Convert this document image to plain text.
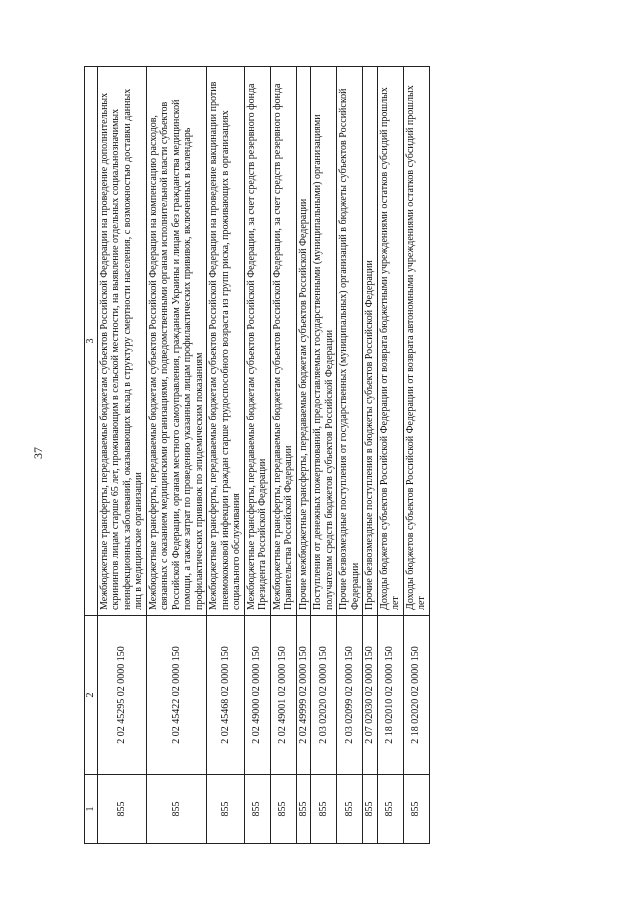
37
1	2	3
855	2 02 45295 02 0000 150	Межбюджетные трансферты, передаваемые бюджетам субъектов Российской Федерации на проведение дополнительных скринингов лицам старше 65 лет, проживающим в сельской местности, на выявление отдельных социальнозначимых неинфекционных заболеваний, оказывающих вклад в структуру смертности населения, с возможностью доставки данных лиц в медицинские организации
855	2 02 45422 02 0000 150	Межбюджетные трансферты, передаваемые бюджетам субъектов Российской Федерации на компенсацию расходов, связанных с оказанием медицинскими организациями, подведомственными органам исполнительной власти субъектов Российской Федерации, органам местного самоуправления, гражданам Украины и лицам без гражданства медицинской помощи, а также затрат по проведению указанным лицам профилактических прививок, включенных в календарь профилактических прививок по эпидемическим показаниям
855	2 02 45468 02 0000 150	Межбюджетные трансферты, передаваемые бюджетам субъектов Российской Федерации на проведение вакцинации против пневмококковой инфекции граждан старше трудоспособного возраста из групп риска, проживающих в организациях социального обслуживания
855	2 02 49000 02 0000 150	Межбюджетные трансферты, передаваемые бюджетам субъектов Российской Федерации, за счет средств резервного фонда Президента Российской Федерации
855	2 02 49001 02 0000 150	Межбюджетные трансферты, передаваемые бюджетам субъектов Российской Федерации, за счет средств резервного фонда Правительства Российской Федерации
855	2 02 49999 02 0000 150	Прочие межбюджетные трансферты, передаваемые бюджетам субъектов Российской Федерации
855	2 03 02020 02 0000 150	Поступления от денежных пожертвований, предоставляемых государственными (муниципальными) организациями получателям средств бюджетов субъектов Российской Федерации
855	2 03 02099 02 0000 150	Прочие безвозмездные поступления от государственных (муниципальных) организаций в бюджеты субъектов Российской Федерации
855	2 07 02030 02 0000 150	Прочие безвозмездные поступления в бюджеты субъектов Российской Федерации
855	2 18 02010 02 0000 150	Доходы бюджетов субъектов Российской Федерации от возврата бюджетными учреждениями остатков субсидий прошлых лет
855	2 18 02020 02 0000 150	Доходы бюджетов субъектов Российской Федерации от возврата автономными учреждениями остатков субсидий прошлых лет
